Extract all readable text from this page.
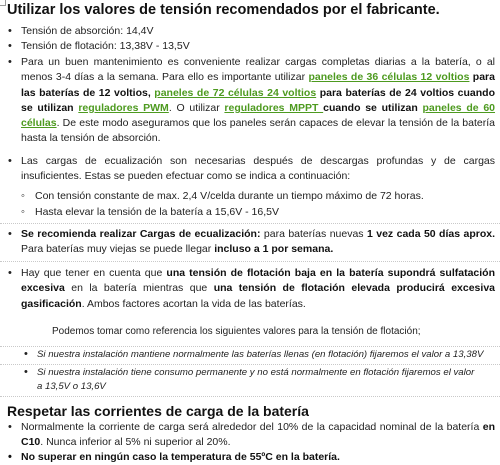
Utilizar los valores de tensión recomendados por el fabricante.
• Tensión de absorción: 14,4V
• Tensión de flotación: 13,38V - 13,5V
• Para un buen mantenimiento es conveniente realizar cargas completas diarias a la batería, o al menos 3-4 días a la semana. Para ello es importante utilizar paneles de 36 células 12 voltios para las baterías de 12 voltios, paneles de 72 células 24 voltios para baterías de 24 voltios cuando se utilizan reguladores PWM. O utilizar reguladores MPPT cuando se utilizan paneles de 60 células. De este modo aseguramos que los paneles serán capaces de elevar la tensión de la batería hasta la tensión de absorción.
• Las cargas de ecualización son necesarias después de descargas profundas y de cargas insuficientes. Estas se pueden efectuar como se indica a continuación:
◦ Con tensión constante de max. 2,4 V/celda durante un tiempo máximo de 72 horas.
◦ Hasta elevar la tensión de la batería a 15,6V - 16,5V
• Se recomienda realizar Cargas de ecualización: para baterías nuevas 1 vez cada 50 días aprox. Para baterías muy viejas se puede llegar incluso a 1 por semana.
• Hay que tener en cuenta que una tensión de flotación baja en la batería supondrá sulfatación excesiva en la batería mientras que una tensión de flotación elevada producirá excesiva gasificación. Ambos factores acortan la vida de las baterías.
Podemos tomar como referencia los siguientes valores para la tensión de flotación;
• Si nuestra instalación mantiene normalmente las baterías llenas (en flotación) fijaremos el valor a 13,38V
• Si nuestra instalación tiene consumo permanente y no está normalmente en flotación fijaremos el valor a 13,5V o 13,6V
Respetar las corrientes de carga de la batería
• Normalmente la corriente de carga será alrededor del 10% de la capacidad nominal de la batería en C10. Nunca inferior al 5% ni superior al 20%.
• No superar en ningún caso la temperatura de 55ºC en la batería.
